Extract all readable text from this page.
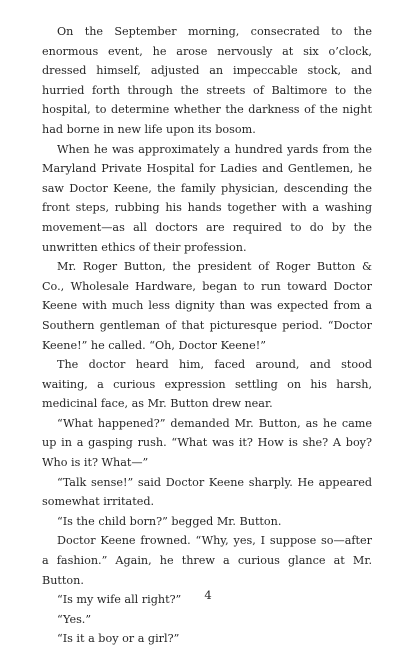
On the September morning, consecrated to the enormous event, he arose nervously at six o’clock, dressed himself, adjusted an impeccable stock, and hurried forth through the streets of Baltimore to the hospital, to determine whether the darkness of the night had borne in new life upon its bosom.

When he was approximately a hundred yards from the Maryland Private Hospital for Ladies and Gentlemen, he saw Doctor Keene, the family physician, descending the front steps, rubbing his hands together with a washing movement—as all doctors are required to do by the unwritten ethics of their profession.

Mr. Roger Button, the president of Roger Button & Co., Wholesale Hardware, began to run toward Doctor Keene with much less dignity than was expected from a Southern gentleman of that picturesque period. “Doctor Keene!” he called. “Oh, Doctor Keene!”

The doctor heard him, faced around, and stood waiting, a curious expression settling on his harsh, medicinal face, as Mr. Button drew near.

“What happened?” demanded Mr. Button, as he came up in a gasping rush. “What was it? How is she? A boy? Who is it? What—”

“Talk sense!” said Doctor Keene sharply. He appeared somewhat irritated.

“Is the child born?” begged Mr. Button.

Doctor Keene frowned. “Why, yes, I suppose so—after a fashion.” Again, he threw a curious glance at Mr. Button.

“Is my wife all right?”

“Yes.”

“Is it a boy or a girl?”

4
